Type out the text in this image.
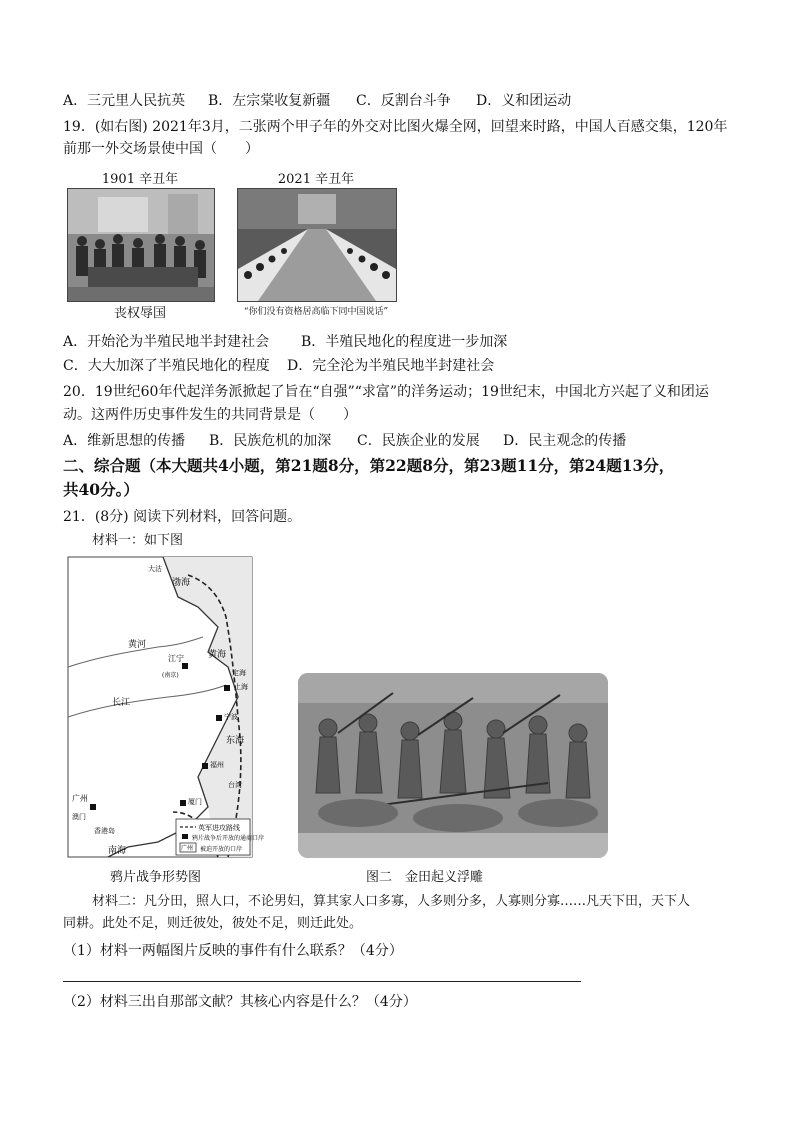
A．三元里人民抗英 B．左宗棠收复新疆 C．反割台斗争 D．义和团运动
19．(如右图) 2021年3月，二张两个甲子年的外交对比图火爆全网，回望来时路，中国人百感交集，120年
前那一外交场景使中国（　　）
1901 辛丑年
丧权辱国
2021 辛丑年
“你们没有资格居高临下同中国说话”
A．开始沦为半殖民地半封建社会 B．半殖民地化的程度进一步加深
C．大大加深了半殖民地化的程度 D．完全沦为半殖民地半封建社会
20．19世纪60年代起洋务派掀起了旨在“自强”“求富”的洋务运动；19世纪末，中国北方兴起了义和团运
动。这两件历史事件发生的共同背景是（　　）
A．维新思想的传播 B．民族危机的加深 C．民族企业的发展 D．民主观念的传播
二、综合题（本大题共4小题，第21题8分，第22题8分，第23题11分，第24题13分，
共40分。）
21．(8分) 阅读下列材料，回答问题。
材料一：如下图
英军进攻路线
鸦片战争后开放的通商口岸
广州 被迫开放的口岸
渤海
大沽
黄海
东海
南海
黄河
长江
江宁
(南京)
上海
宁波
福州
厦门
广州
澳门
香港岛
台湾
定海
鸦片战争形势图	图二　金田起义浮雕
材料二：凡分田，照人口，不论男妇，算其家人口多寡，人多则分多，人寡则分寡……凡天下田，天下人
同耕。此处不足，则迁彼处，彼处不足，则迁此处。
（1）材料一两幅图片反映的事件有什么联系？（4分）
（2）材料三出自那部文献？其核心内容是什么？（4分）
